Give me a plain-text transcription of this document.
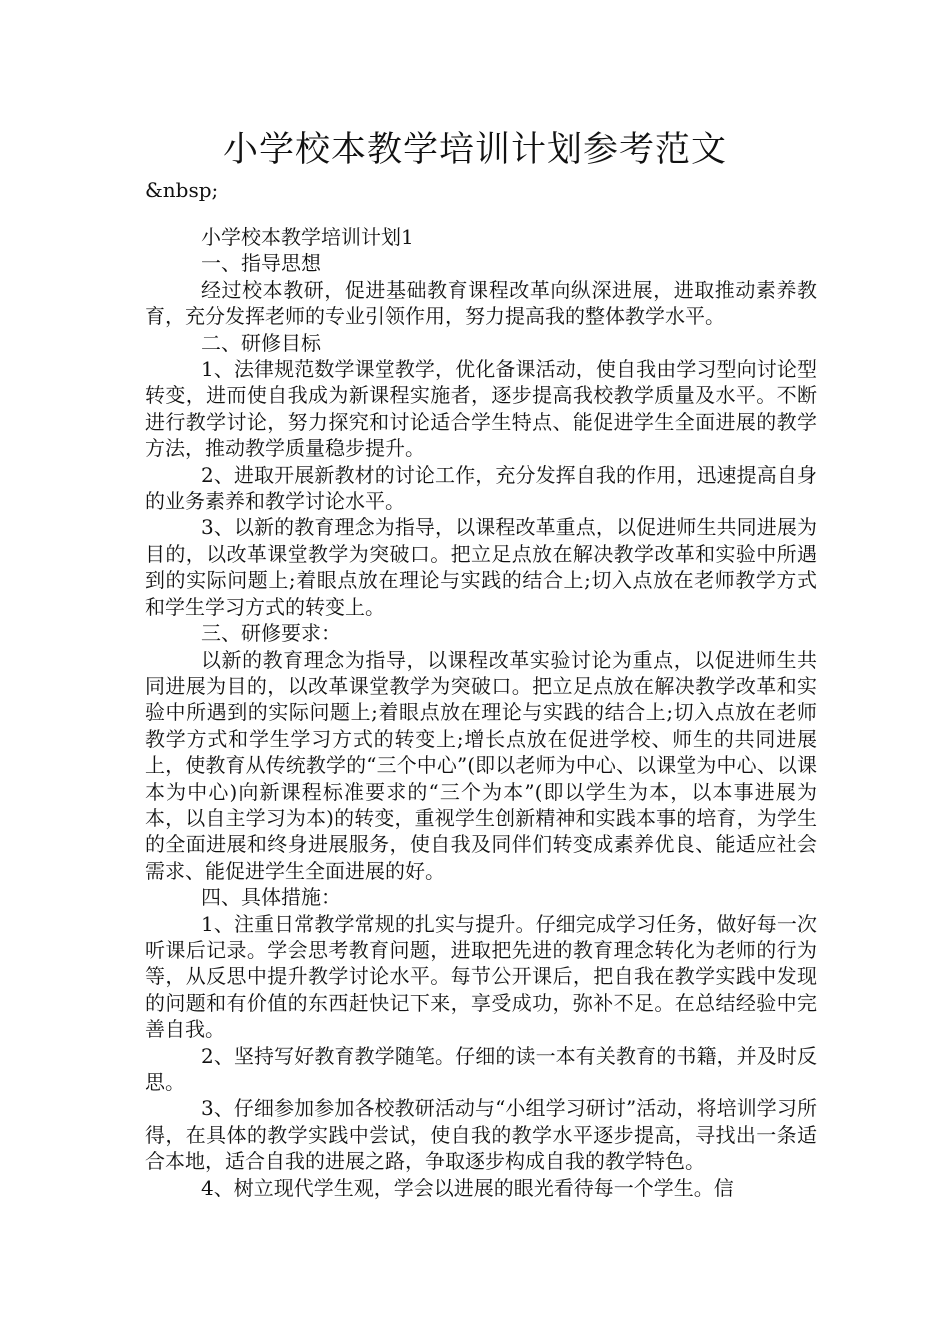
小学校本教学培训计划参考范文
&nbsp;

小学校本教学培训计划1

一、指导思想

经过校本教研，促进基础教育课程改革向纵深进展，进取推动素养教育，充分发挥老师的专业引领作用，努力提高我的整体教学水平。

二、研修目标

1、法律规范数学课堂教学，优化备课活动，使自我由学习型向讨论型转变，进而使自我成为新课程实施者，逐步提高我校教学质量及水平。不断进行教学讨论，努力探究和讨论适合学生特点、能促进学生全面进展的教学方法，推动教学质量稳步提升。

2、进取开展新教材的讨论工作，充分发挥自我的作用，迅速提高自身的业务素养和教学讨论水平。

3、以新的教育理念为指导，以课程改革重点，以促进师生共同进展为目的，以改革课堂教学为突破口。把立足点放在解决教学改革和实验中所遇到的实际问题上;着眼点放在理论与实践的结合上;切入点放在老师教学方式和学生学习方式的转变上。

三、研修要求：

以新的教育理念为指导，以课程改革实验讨论为重点，以促进师生共同进展为目的，以改革课堂教学为突破口。把立足点放在解决教学改革和实验中所遇到的实际问题上;着眼点放在理论与实践的结合上;切入点放在老师教学方式和学生学习方式的转变上;增长点放在促进学校、师生的共同进展上，使教育从传统教学的“三个中心”(即以老师为中心、以课堂为中心、以课本为中心)向新课程标准要求的“三个为本”(即以学生为本，以本事进展为本，以自主学习为本)的转变，重视学生创新精神和实践本事的培育，为学生的全面进展和终身进展服务，使自我及同伴们转变成素养优良、能适应社会需求、能促进学生全面进展的好。

四、具体措施：

1、注重日常教学常规的扎实与提升。仔细完成学习任务，做好每一次听课后记录。学会思考教育问题，进取把先进的教育理念转化为老师的行为等，从反思中提升教学讨论水平。每节公开课后，把自我在教学实践中发现的问题和有价值的东西赶快记下来，享受成功，弥补不足。在总结经验中完善自我。

2、坚持写好教育教学随笔。仔细的读一本有关教育的书籍，并及时反思。

3、仔细参加参加各校教研活动与“小组学习研讨”活动，将培训学习所得，在具体的教学实践中尝试，使自我的教学水平逐步提高，寻找出一条适合本地，适合自我的进展之路，争取逐步构成自我的教学特色。

4、树立现代学生观，学会以进展的眼光看待每一个学生。信
